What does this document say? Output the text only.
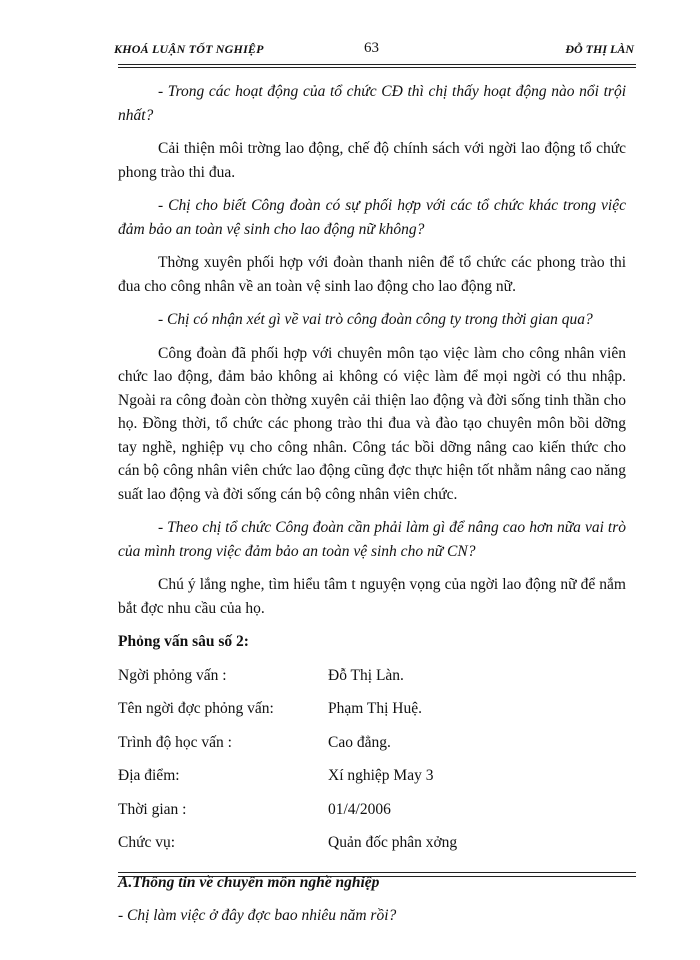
KHOÁ LUẬN TỐT NGHIỆP	63	ĐỖ THỊ LÀN

- Trong các hoạt động của tổ chức CĐ thì chị thấy hoạt động nào nổi trội nhất?

Cải thiện môi trờng lao động, chế độ chính sách với ngời lao động tổ chức phong trào thi đua.

- Chị cho biết Công đoàn có sự phối hợp với các tổ chức khác trong việc đảm bảo an toàn vệ sinh cho lao động nữ không?

Thờng xuyên phối hợp với đoàn thanh niên để tổ chức các phong trào thi đua cho công nhân về an toàn vệ sinh lao động cho lao động nữ.

- Chị có nhận xét gì về vai trò công đoàn công ty trong thời gian qua?

Công đoàn đã phối hợp với chuyên môn tạo việc làm cho công nhân viên chức lao động, đảm bảo không ai không có việc làm để mọi ngời có thu nhập. Ngoài ra công đoàn còn thờng xuyên cải thiện lao động và đời sống tinh thần cho họ. Đồng thời, tổ chức các phong trào thi đua và đào tạo chuyên môn bồi dỡng tay nghề, nghiệp vụ cho công nhân. Công tác bồi dỡng nâng cao kiến thức cho cán bộ công nhân viên chức lao động cũng đợc thực hiện tốt nhằm nâng cao năng suất lao động và đời sống cán bộ công nhân viên chức.

- Theo chị tổ chức Công đoàn cần phải làm gì để nâng cao hơn nữa vai trò của mình trong việc đảm bảo an toàn vệ sinh cho nữ CN?

Chú ý lắng nghe, tìm hiểu tâm t nguyện vọng của ngời lao động nữ để nắm bắt đợc nhu cầu của họ.

Phỏng vấn sâu số 2:

Ngời phỏng vấn :	Đỗ Thị Làn.
Tên ngời đợc phỏng vấn:	Phạm Thị Huệ.
Trình độ học vấn :	Cao đẳng.
Địa điểm:	Xí nghiệp May 3
Thời gian :	01/4/2006
Chức vụ:	Quản đốc phân xởng

A.Thông tin về chuyên môn nghề nghiệp

- Chị làm việc ở đây đợc bao nhiêu năm rồi?
